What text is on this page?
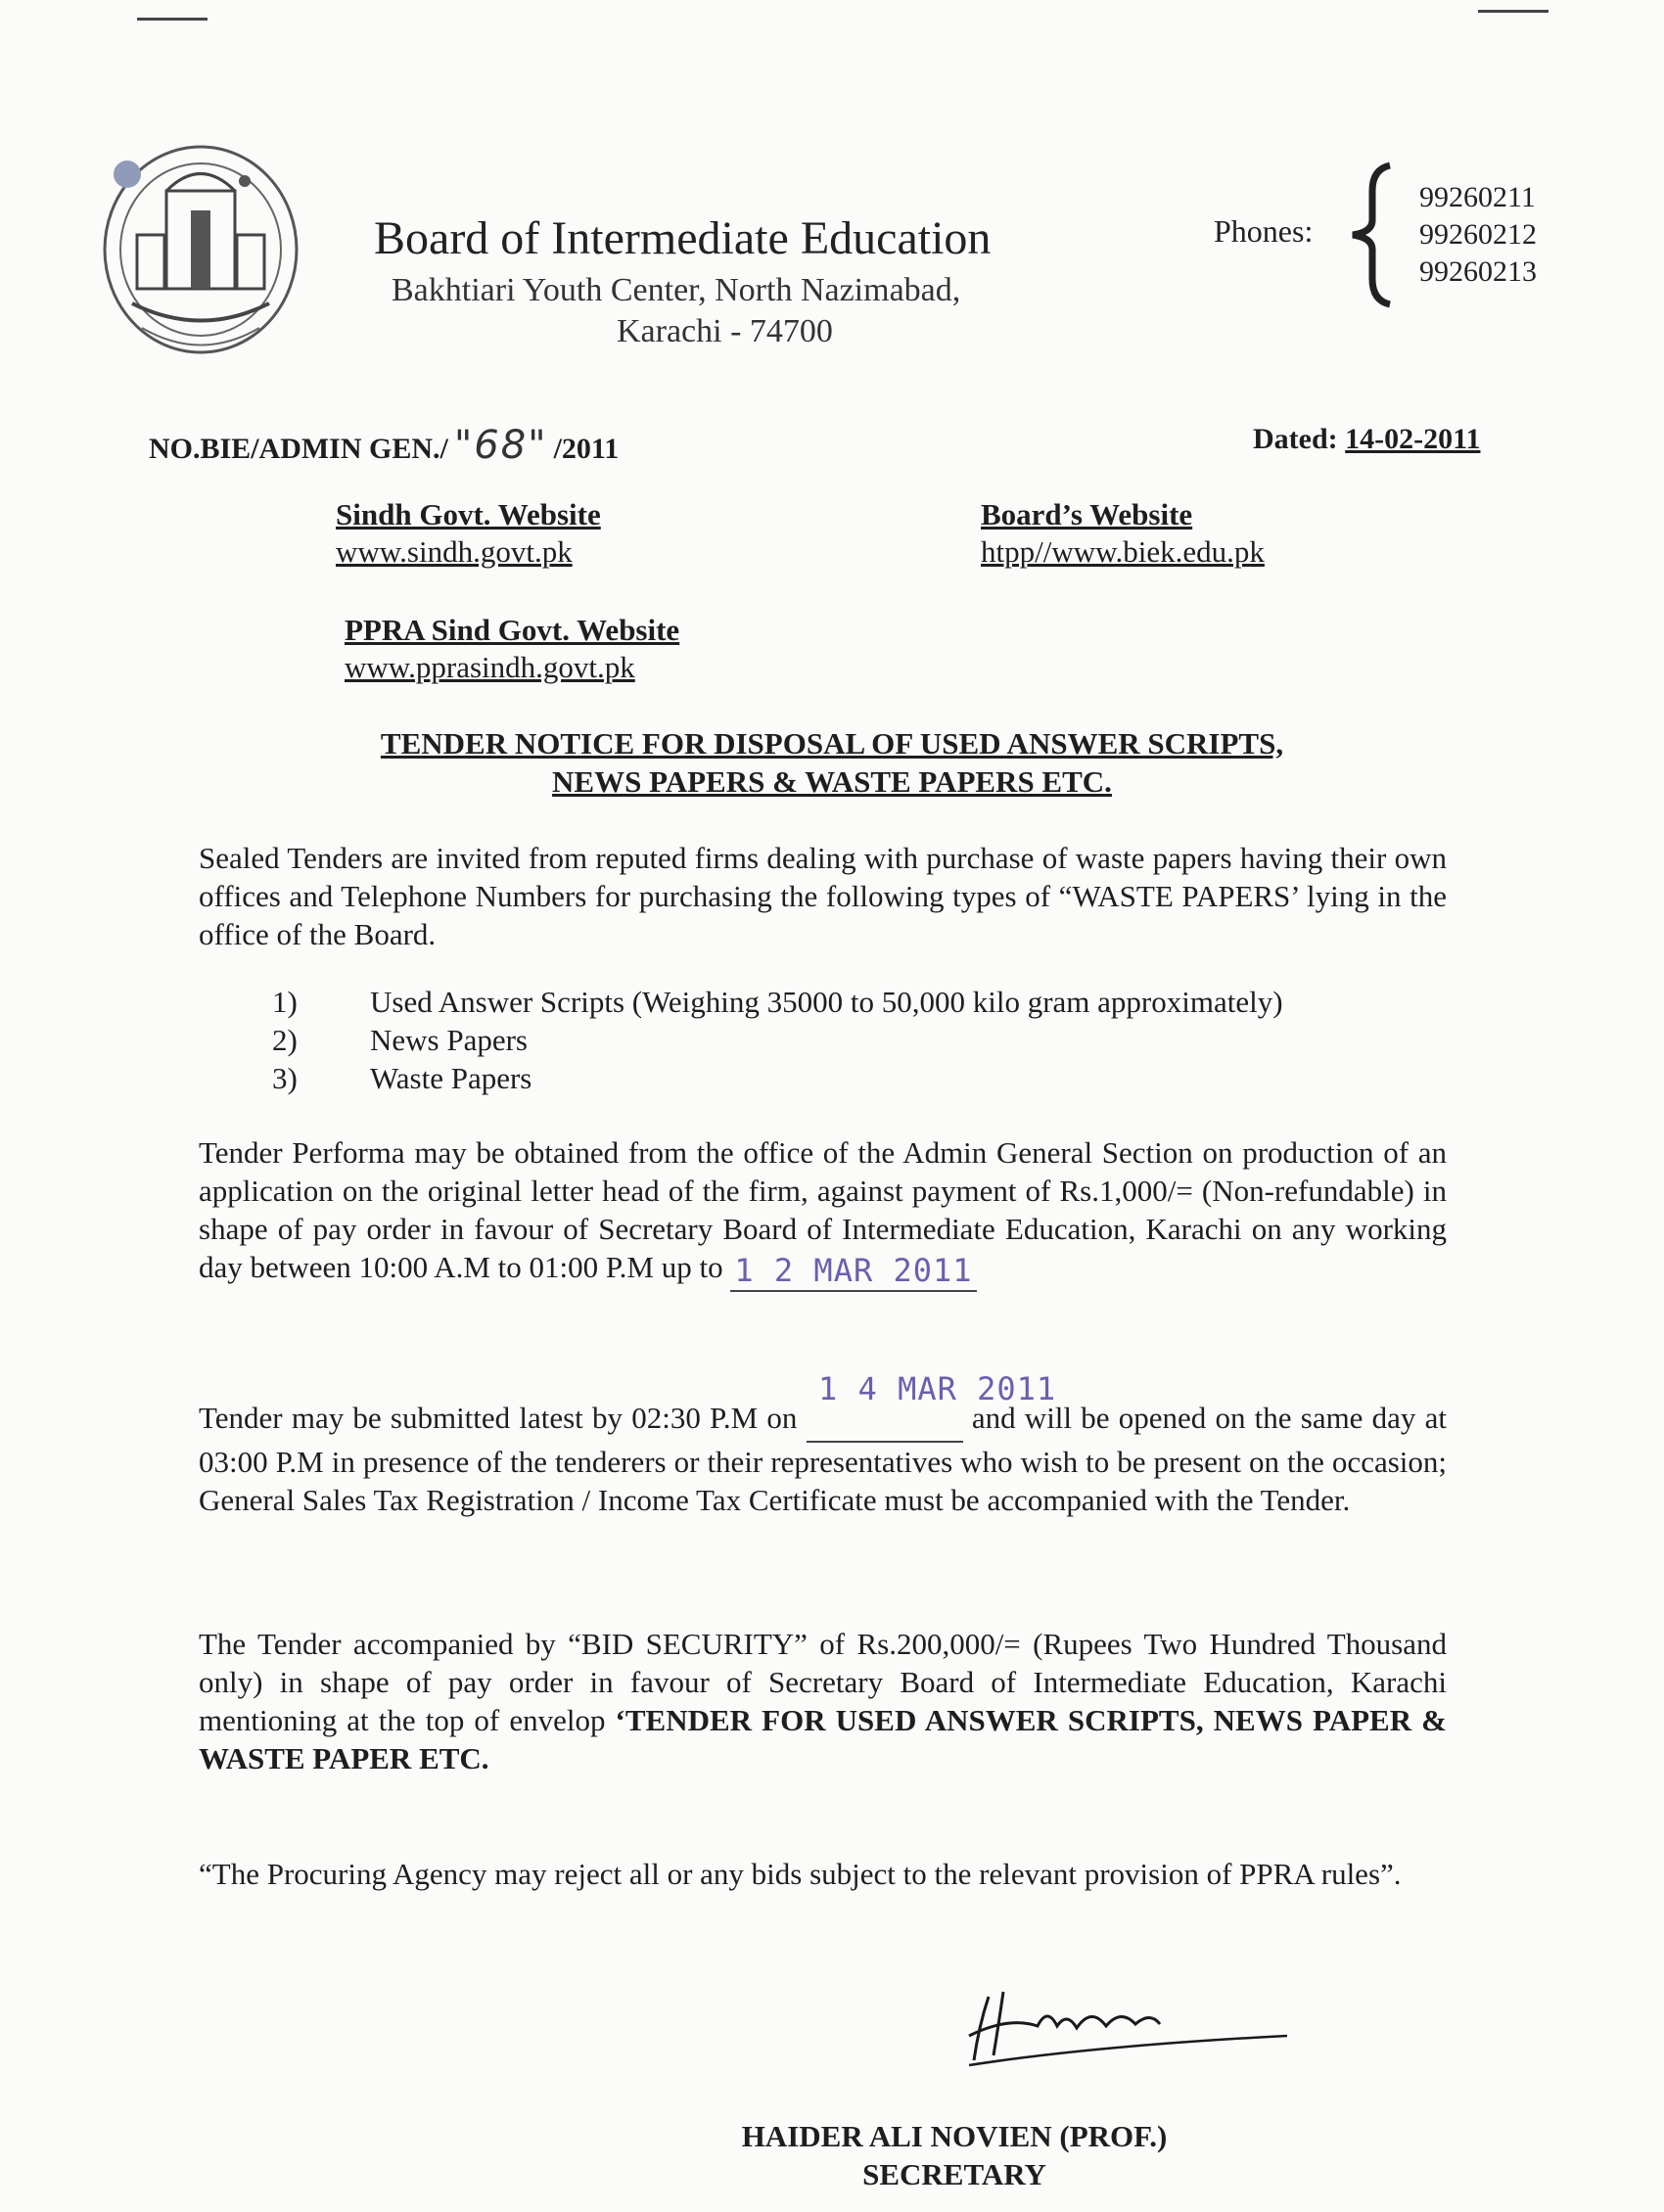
Board of Intermediate Education
Bakhtiari Youth Center, North Nazimabad,
Karachi - 74700
Phones:
99260211
99260212
99260213
NO.BIE/ADMIN GEN./ "68" /2011	Dated: 14-02-2011
Sindh Govt. Website
www.sindh.govt.pk
Board’s Website
htpp//www.biek.edu.pk
PPRA Sind Govt. Website
www.pprasindh.govt.pk
TENDER NOTICE FOR DISPOSAL OF USED ANSWER SCRIPTS,
NEWS PAPERS & WASTE PAPERS ETC.
Sealed Tenders are invited from reputed firms dealing with purchase of waste papers having their own offices and Telephone Numbers for purchasing the following types of “WASTE PAPERS’ lying in the office of the Board.
1) Used Answer Scripts (Weighing 35000 to 50,000 kilo gram approximately)
2) News Papers
3) Waste Papers
Tender Performa may be obtained from the office of the Admin General Section on production of an application on the original letter head of the firm, against payment of Rs.1,000/= (Non-refundable) in shape of pay order in favour of Secretary Board of Intermediate Education, Karachi on any working day between 10:00 A.M to 01:00 P.M up to 1 2 MAR 2011
1 4 MAR 2011
Tender may be submitted latest by 02:30 P.M on  	and will be opened on the same day at 03:00 P.M in presence of the tenderers or their representatives who wish to be present on the occasion; General Sales Tax Registration / Income Tax Certificate must be accompanied with the Tender.
The Tender accompanied by “BID SECURITY” of Rs.200,000/= (Rupees Two Hundred Thousand only) in shape of pay order in favour of Secretary Board of Intermediate Education, Karachi mentioning at the top of envelop ‘TENDER FOR USED ANSWER SCRIPTS, NEWS PAPER & WASTE PAPER ETC.
“The Procuring Agency may reject all or any bids subject to the relevant provision of PPRA rules”.
HAIDER ALI NOVIEN (PROF.)
SECRETARY
